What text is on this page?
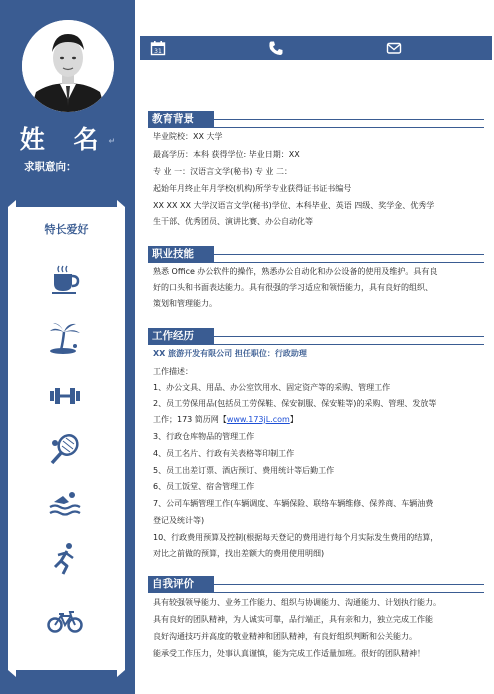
姓 名↵
求职意向：
特长爱好
31
教育背景
毕业院校：XX 大学
最高学历：本科 获得学位: 毕业日期：XX
专 业 一：汉语言文学(秘书) 专 业 二：
起始年月终止年月学校(机构)所学专业获得证书证书编号
XX XX XX 大学汉语言文学(秘书)学位、本科毕业、英语 四级、奖学金、优秀学
生干部、优秀团员、演讲比赛、办公自动化等
职业技能
熟悉 Office 办公软件的操作，熟悉办公自动化和办公设备的使用及维护。具有良
好的口头和书面表达能力。具有很强的学习适应和领悟能力，具有良好的组织、
策划和管理能力。
工作经历
XX 旅游开发有限公司 担任职位：行政助理
工作描述：
1、办公文具、用品、办公室饮用水、固定资产等的采购、管理工作
2、员工劳保用品(包括员工劳保鞋、保安制服、保安鞋等)的采购、管理、发放等
工作；173 简历网【www.173jL.com】
3、行政仓库物品的管理工作
4、员工名片、行政有关表格等印制工作
5、员工出差订票、酒店预订、费用统计等后勤工作
6、员工饭堂、宿舍管理工作
7、公司车辆管理工作(车辆调度、车辆保险、联络车辆维修、保养商、车辆油费
登记及统计等)
10、行政费用预算及控制(根据每天登记的费用进行每个月实际发生费用的结算，
对比之前做的预算，找出差额大的费用使用明细)
自我评价
具有较强领导能力、业务工作能力、组织与协调能力、沟通能力、计划执行能力。
具有良好的团队精神，为人诚实可靠，品行端正，具有亲和力，独立完成工作能
良好沟通技巧并高度的敬业精神和团队精神，有良好组织判断和公关能力。
能承受工作压力，处事认真谨慎，能为完成工作适量加班。很好的团队精神！
